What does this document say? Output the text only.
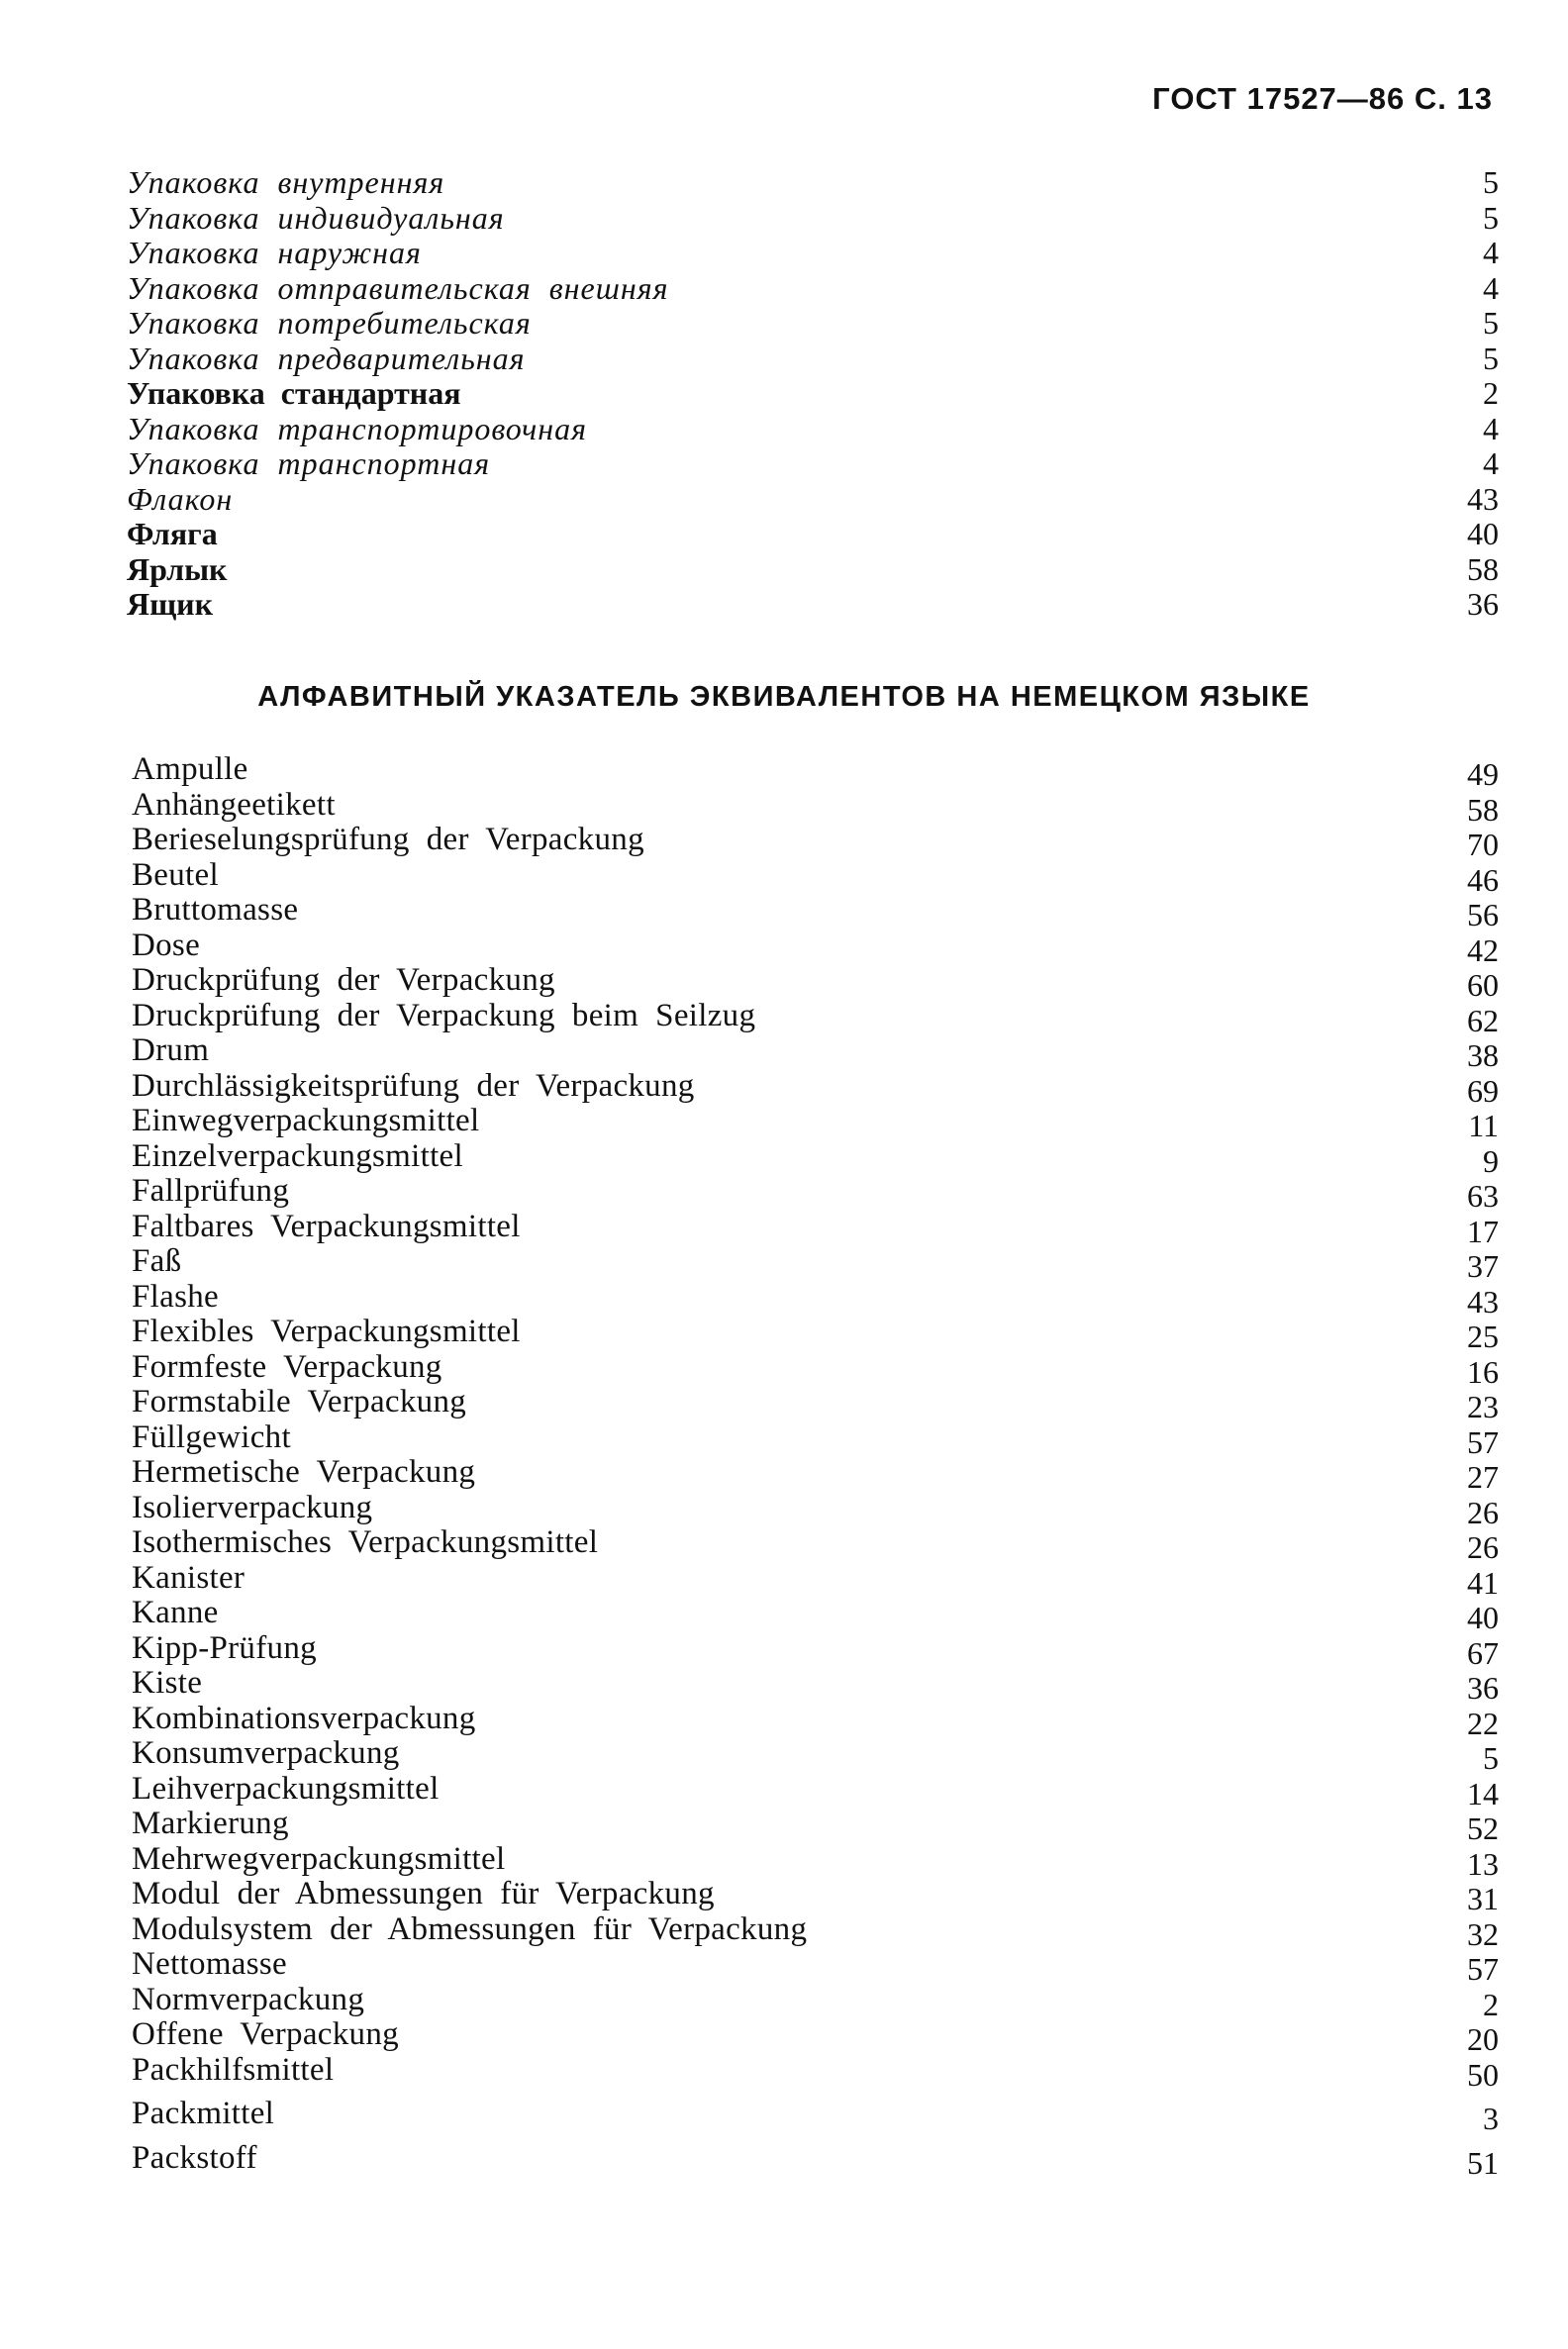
ГОСТ 17527—86 С. 13
Упаковка  внутренняя	5
Упаковка  индивидуальная	5
Упаковка  наружная	4
Упаковка  отправительская  внешняя	4
Упаковка  потребительская	5
Упаковка  предварительная	5
Упаковка  стандартная	2
Упаковка  транспортировочная	4
Упаковка  транспортная	4
Флакон	43
Фляга	40
Ярлык	58
Ящик	36
АЛФАВИТНЫЙ УКАЗАТЕЛЬ ЭКВИВАЛЕНТОВ НА НЕМЕЦКОМ ЯЗЫКЕ
Ampulle	49
Anhängeetikett	58
Berieselungsprüfung  der  Verpackung	70
Beutel	46
Bruttomasse	56
Dose	42
Druckprüfung  der  Verpackung	60
Druckprüfung  der  Verpackung  beim  Seilzug	62
Drum	38
Durchlässigkeitsprüfung  der  Verpackung	69
Einwegverpackungsmittel	11
Einzelverpackungsmittel	9
Fallprüfung	63
Faltbares  Verpackungsmittel	17
Faß	37
Flashe	43
Flexibles  Verpackungsmittel	25
Formfeste  Verpackung	16
Formstabile  Verpackung	23
Füllgewicht	57
Hermetische  Verpackung	27
Isolierverpackung	26
Isothermisches  Verpackungsmittel	26
Kanister	41
Kanne	40
Kipp-Prüfung	67
Kiste	36
Kombinationsverpackung	22
Konsumverpackung	5
Leihverpackungsmittel	14
Markierung	52
Mehrwegverpackungsmittel	13
Modul  der  Abmessungen  für  Verpackung	31
Modulsystem  der  Abmessungen  für  Verpackung	32
Nettomasse	57
Normverpackung	2
Offene  Verpackung	20
Packhilfsmittel	50
Packmittel	3
Packstoff	51
